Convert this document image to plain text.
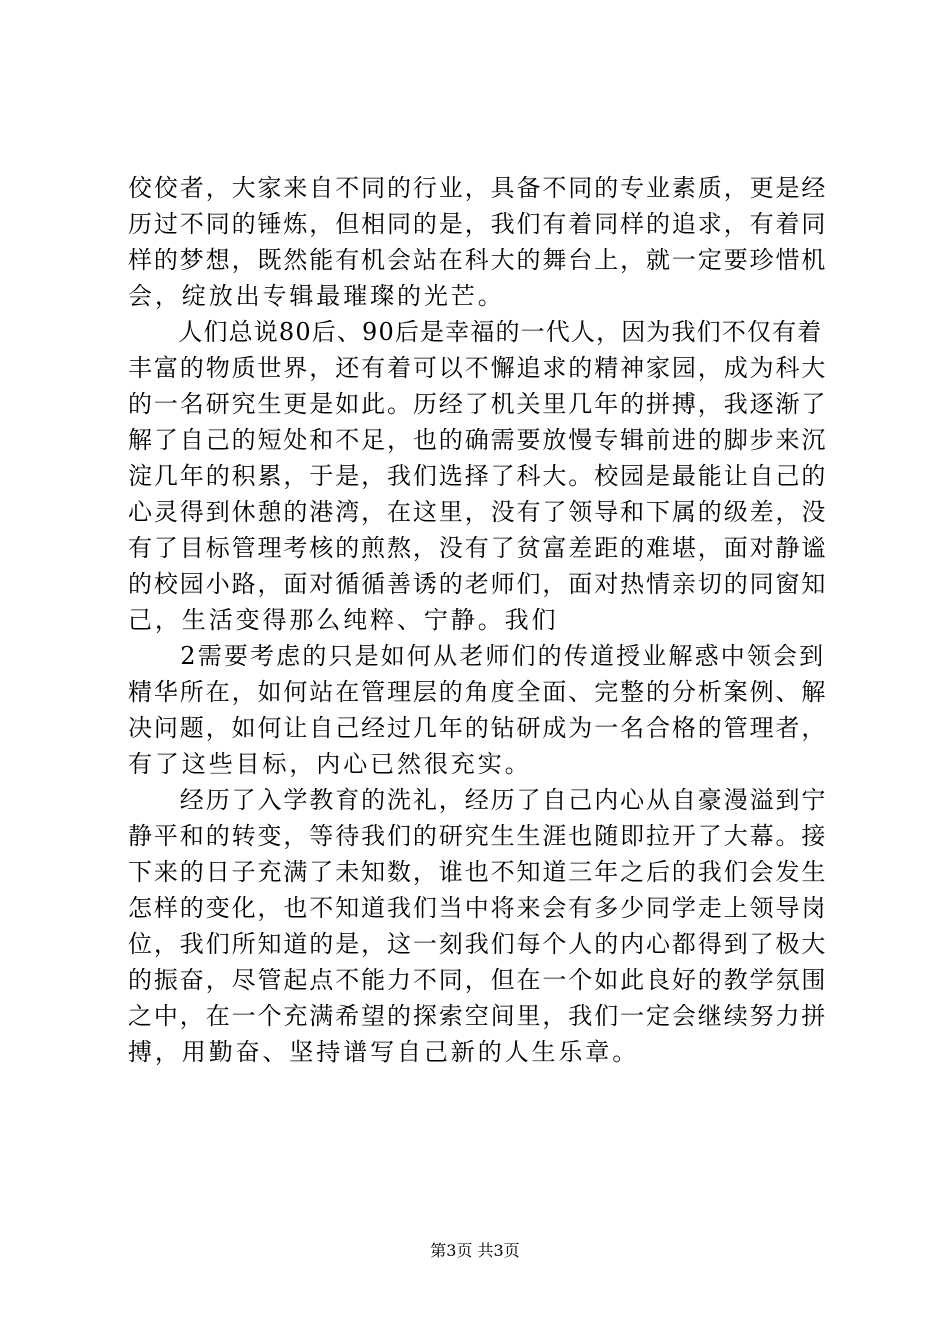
佼佼者，大家来自不同的行业，具备不同的专业素质，更是经
历过不同的锤炼，但相同的是，我们有着同样的追求，有着同
样的梦想，既然能有机会站在科大的舞台上，就一定要珍惜机
会，绽放出专辑最璀璨的光芒。
　　人们总说80后、90后是幸福的一代人，因为我们不仅有着
丰富的物质世界，还有着可以不懈追求的精神家园，成为科大
的一名研究生更是如此。历经了机关里几年的拼搏，我逐渐了
解了自己的短处和不足，也的确需要放慢专辑前进的脚步来沉
淀几年的积累，于是，我们选择了科大。校园是最能让自己的
心灵得到休憩的港湾，在这里，没有了领导和下属的级差，没
有了目标管理考核的煎熬，没有了贫富差距的难堪，面对静谧
的校园小路，面对循循善诱的老师们，面对热情亲切的同窗知
己，生活变得那么纯粹、宁静。我们
　　2需要考虑的只是如何从老师们的传道授业解惑中领会到
精华所在，如何站在管理层的角度全面、完整的分析案例、解
决问题，如何让自己经过几年的钻研成为一名合格的管理者，
有了这些目标，内心已然很充实。
　　经历了入学教育的洗礼，经历了自己内心从自豪漫溢到宁
静平和的转变，等待我们的研究生生涯也随即拉开了大幕。接
下来的日子充满了未知数，谁也不知道三年之后的我们会发生
怎样的变化，也不知道我们当中将来会有多少同学走上领导岗
位，我们所知道的是，这一刻我们每个人的内心都得到了极大
的振奋，尽管起点不能力不同，但在一个如此良好的教学氛围
之中，在一个充满希望的探索空间里，我们一定会继续努力拼
搏，用勤奋、坚持谱写自己新的人生乐章。
第3页 共3页
